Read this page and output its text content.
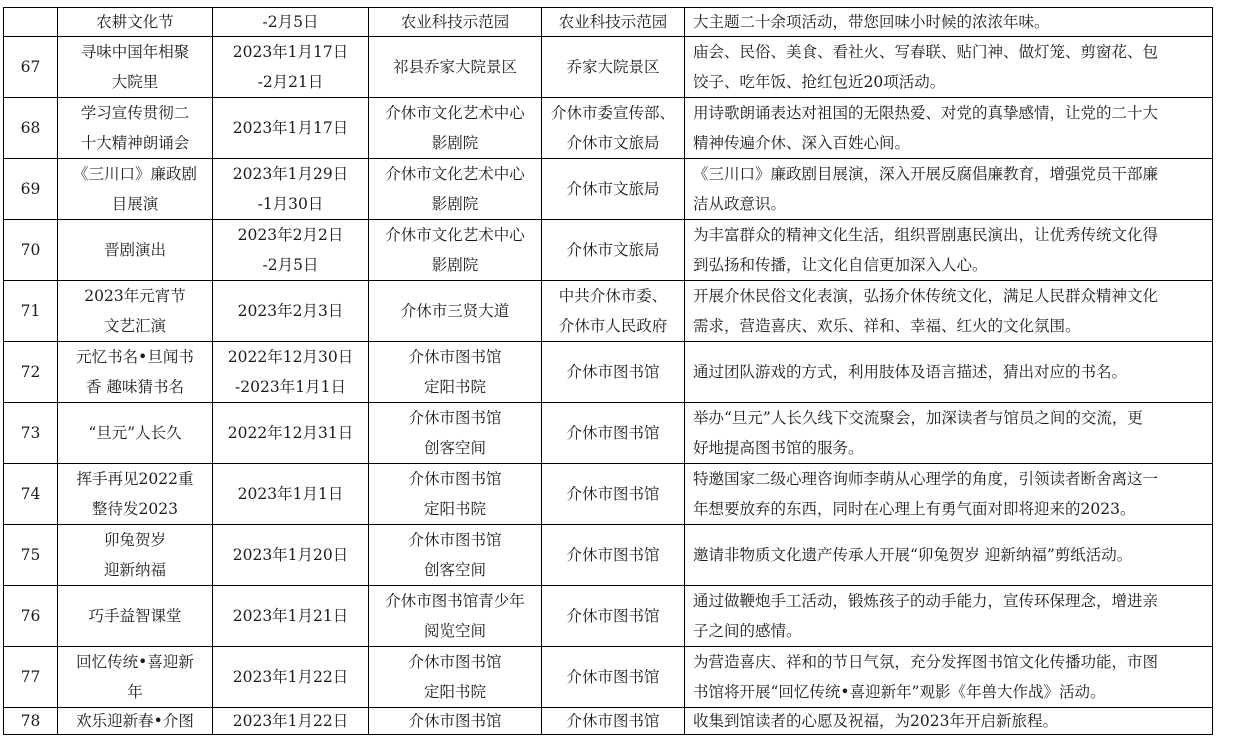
	农耕文化节	-2月5日	农业科技示范园	农业科技示范园	大主题二十余项活动，带您回味小时候的浓浓年味。

67	寻味中国年相聚
大院里	2023年1月17日
-2月21日	祁县乔家大院景区	乔家大院景区	庙会、民俗、美食、看社火、写春联、贴门神、做灯笼、剪窗花、包
饺子、吃年饭、抢红包近20项活动。

68	学习宣传贯彻二
十大精神朗诵会	2023年1月17日	介休市文化艺术中心
影剧院	介休市委宣传部、
介休市文旅局	用诗歌朗诵表达对祖国的无限热爱、对党的真挚感情，让党的二十大
精神传遍介休、深入百姓心间。

69	《三川口》廉政剧
目展演	2023年1月29日
-1月30日	介休市文化艺术中心
影剧院	介休市文旅局	《三川口》廉政剧目展演，深入开展反腐倡廉教育，增强党员干部廉
洁从政意识。

70	晋剧演出	2023年2月2日
-2月5日	介休市文化艺术中心
影剧院	介休市文旅局	为丰富群众的精神文化生活，组织晋剧惠民演出，让优秀传统文化得
到弘扬和传播，让文化自信更加深入人心。

71	2023年元宵节
文艺汇演	2023年2月3日	介休市三贤大道	中共介休市委、
介休市人民政府	开展介休民俗文化表演，弘扬介休传统文化，满足人民群众精神文化
需求，营造喜庆、欢乐、祥和、幸福、红火的文化氛围。

72	元忆书名•旦闻书
香 趣味猜书名	2022年12月30日
-2023年1月1日	介休市图书馆
定阳书院	介休市图书馆	通过团队游戏的方式，利用肢体及语言描述，猜出对应的书名。

73	“旦元”人长久	2022年12月31日	介休市图书馆
创客空间	介休市图书馆	举办“旦元”人长久线下交流聚会，加深读者与馆员之间的交流，更
好地提高图书馆的服务。

74	挥手再见2022重
整待发2023	2023年1月1日	介休市图书馆
定阳书院	介休市图书馆	特邀国家二级心理咨询师李萌从心理学的角度，引领读者断舍离这一
年想要放弃的东西，同时在心理上有勇气面对即将迎来的2023。

75	卯兔贺岁
迎新纳福	2023年1月20日	介休市图书馆
创客空间	介休市图书馆	邀请非物质文化遗产传承人开展“卯兔贺岁 迎新纳福”剪纸活动。

76	巧手益智课堂	2023年1月21日	介休市图书馆青少年
阅览空间	介休市图书馆	通过做鞭炮手工活动，锻炼孩子的动手能力，宣传环保理念，增进亲
子之间的感情。

77	回忆传统•喜迎新
年	2023年1月22日	介休市图书馆
定阳书院	介休市图书馆	为营造喜庆、祥和的节日气氛，充分发挥图书馆文化传播功能，市图
书馆将开展“回忆传统•喜迎新年”观影《年兽大作战》活动。

78	欢乐迎新春•介图	2023年1月22日	介休市图书馆	介休市图书馆	收集到馆读者的心愿及祝福，为2023年开启新旅程。
